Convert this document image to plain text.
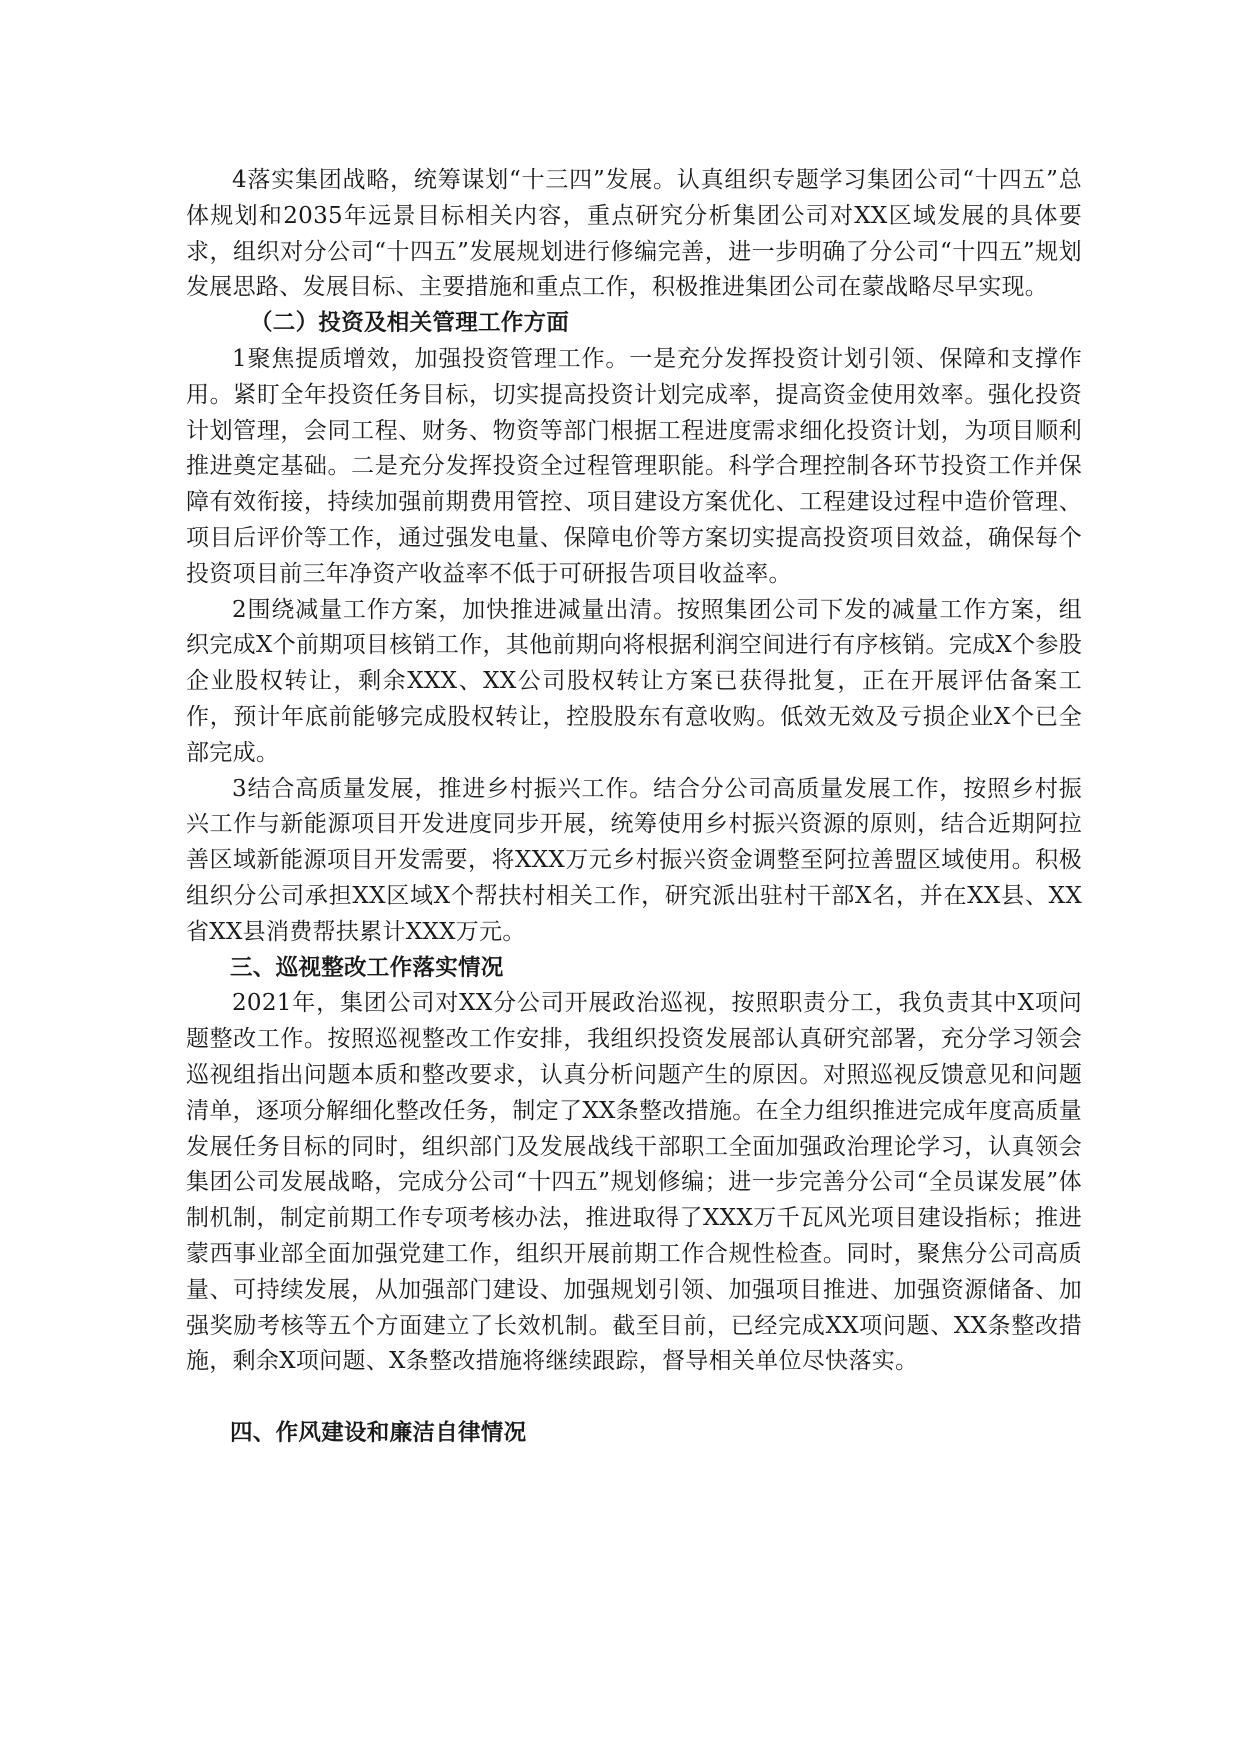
4落实集团战略，统筹谋划“十三四”发展。认真组织专题学习集团公司“十四五”总体规划和2035年远景目标相关内容，重点研究分析集团公司对XX区域发展的具体要求，组织对分公司“十四五”发展规划进行修编完善，进一步明确了分公司“十四五”规划发展思路、发展目标、主要措施和重点工作，积极推进集团公司在蒙战略尽早实现。

（二）投资及相关管理工作方面

1聚焦提质增效，加强投资管理工作。一是充分发挥投资计划引领、保障和支撑作用。紧盯全年投资任务目标，切实提高投资计划完成率，提高资金使用效率。强化投资计划管理，会同工程、财务、物资等部门根据工程进度需求细化投资计划，为项目顺利推进奠定基础。二是充分发挥投资全过程管理职能。科学合理控制各环节投资工作并保障有效衔接，持续加强前期费用管控、项目建设方案优化、工程建设过程中造价管理、项目后评价等工作，通过强发电量、保障电价等方案切实提高投资项目效益，确保每个投资项目前三年净资产收益率不低于可研报告项目收益率。

2围绕减量工作方案，加快推进减量出清。按照集团公司下发的减量工作方案，组织完成X个前期项目核销工作，其他前期向将根据利润空间进行有序核销。完成X个参股企业股权转让，剩余XXX、XX公司股权转让方案已获得批复，正在开展评估备案工作，预计年底前能够完成股权转让，控股股东有意收购。低效无效及亏损企业X个已全部完成。

3结合高质量发展，推进乡村振兴工作。结合分公司高质量发展工作，按照乡村振兴工作与新能源项目开发进度同步开展，统筹使用乡村振兴资源的原则，结合近期阿拉善区域新能源项目开发需要，将XXX万元乡村振兴资金调整至阿拉善盟区域使用。积极组织分公司承担XX区域X个帮扶村相关工作，研究派出驻村干部X名，并在XX县、XX省XX县消费帮扶累计XXX万元。

三、巡视整改工作落实情况

2021年，集团公司对XX分公司开展政治巡视，按照职责分工，我负责其中X项问题整改工作。按照巡视整改工作安排，我组织投资发展部认真研究部署，充分学习领会巡视组指出问题本质和整改要求，认真分析问题产生的原因。对照巡视反馈意见和问题清单，逐项分解细化整改任务，制定了XX条整改措施。在全力组织推进完成年度高质量发展任务目标的同时，组织部门及发展战线干部职工全面加强政治理论学习，认真领会集团公司发展战略，完成分公司“十四五”规划修编；进一步完善分公司“全员谋发展”体制机制，制定前期工作专项考核办法，推进取得了XXX万千瓦风光项目建设指标；推进蒙西事业部全面加强党建工作，组织开展前期工作合规性检查。同时，聚焦分公司高质量、可持续发展，从加强部门建设、加强规划引领、加强项目推进、加强资源储备、加强奖励考核等五个方面建立了长效机制。截至目前，已经完成XX项问题、XX条整改措施，剩余X项问题、X条整改措施将继续跟踪，督导相关单位尽快落实。

四、作风建设和廉洁自律情况
